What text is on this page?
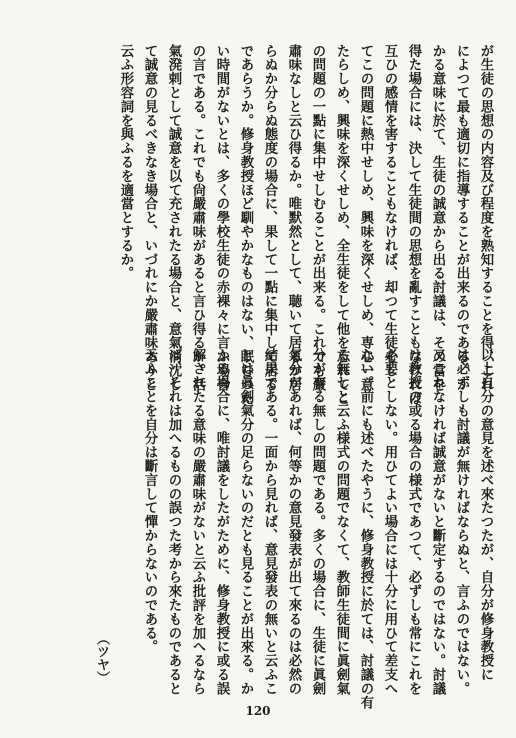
が生徒の思想の内容及び程度を熟知することを得、これ
によつて最も適切に指導することが出来るのである。か
かる意味に於て、生徒の誠意から出る討議は、その當を
得た場合には、決して生徒間の思想を亂すこともなければ
互ひの感情を害することもなければ、却つて生徒をし
てこの問題に熱中せしめ、興味を深くせしめ、専心一意
たらしめ、興味を深くせしめ、全生徒をして他を忘れてこ
の問題の一點に集中せしむることが出来る。これでも嚴
肅味なしと云ひ得るか。唯默然として、聴いて居るか居
らぬか分らぬ態度の場合に、果して一點に集中して居る
であらうか。修身教授ほど馴やかなものはない、眠むつた
い時間がないとは、多くの學校生徒の赤裸々に言ふ場合
の言である。これでも尙嚴肅味があると言ひ得るか。活
氣溌剌として誠意を以て充されたる場合と、意氣消沈し
て誠意の見るべきなき場合と、いづれにか嚴肅味ありと
云ふ形容詞を與ふるを適當とするか。
以上自分の意見を述べ來たつたが、自分が修身教授に
は必ずしも討議が無ければならぬと、言ふのではない。
又これなければ誠意がないと斷定するのではない。討議
は教授の或る場合の様式であつて、必ずしも常にこれを
必要としない。用ひてよい場合には十分に用ひて差支へ
ない。前にも述べたやうに、修身教授に於ては、討議の有
る無しと云ふ様式の問題でなくて、教師生徒間に眞劍氣
分が有る無しの問題である。多くの場合に、生徒に眞劍
氣分があれば、何等かの意見發表が出て來るのは必然の
結果である。一面から見れば、意見發表の無いと云ふこ
とは眞劍氣分の足らないのだとも見ることが出來る。か
かる場合に、唯討議をしたがために、修身教授に或る誤
解されたる意味の嚴肅味がないと云ふ批評を加へるなら
ば、それは加へるものの誤つた考から來たものであると
云ふことを自分は斷言して憚からないのである。
（ツヤ）
120
